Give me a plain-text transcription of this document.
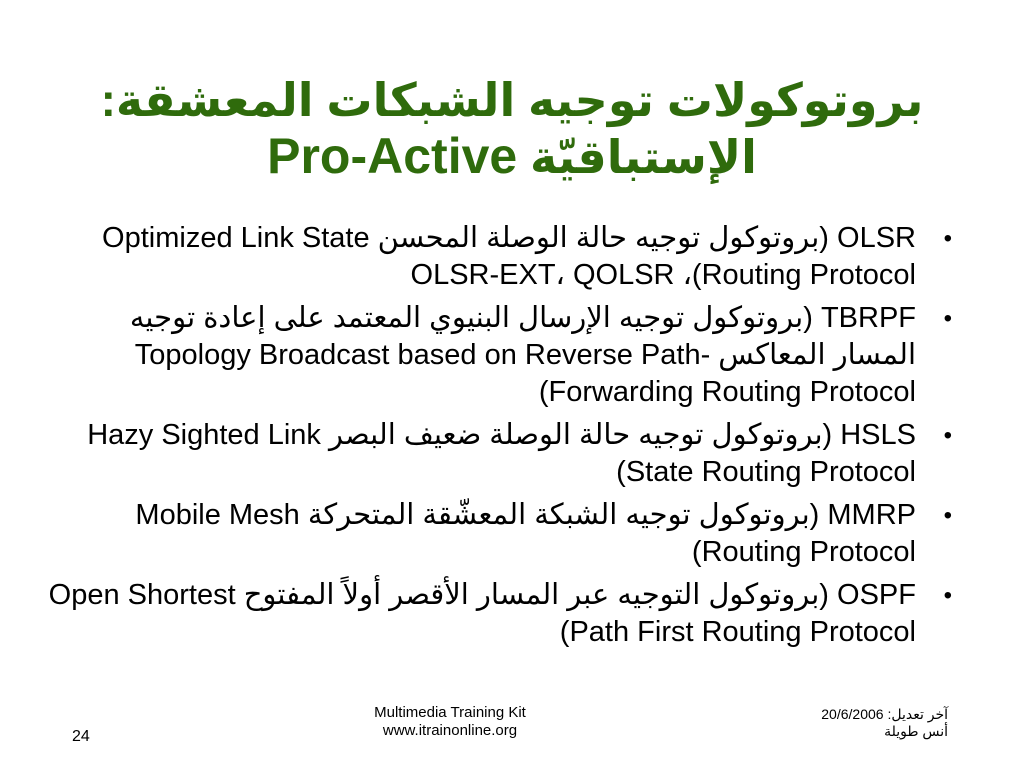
بروتوكولات توجيه الشبكات المعشقة:
الإستباقيّة Pro-Active
•
OLSR (بروتوكول توجيه حالة الوصلة المحسن Optimized Link State Routing Protocol)، OLSR-EXT، QOLSR
•
TBRPF (بروتوكول توجيه الإرسال البنيوي المعتمد على إعادة توجيه المسار المعاكس -Topology Broadcast based on Reverse Path Forwarding Routing Protocol)
•
HSLS (بروتوكول توجيه حالة الوصلة ضعيف البصر Hazy Sighted Link State Routing Protocol)
•
MMRP (بروتوكول توجيه الشبكة المعشّقة المتحركة Mobile Mesh Routing Protocol)
•
OSPF (بروتوكول التوجيه عبر المسار الأقصر أولاً المفتوح Open Shortest Path First Routing Protocol)
24
Multimedia Training Kit
www.itrainonline.org
آخر تعديل: 20/6/2006
أنس طويلة
